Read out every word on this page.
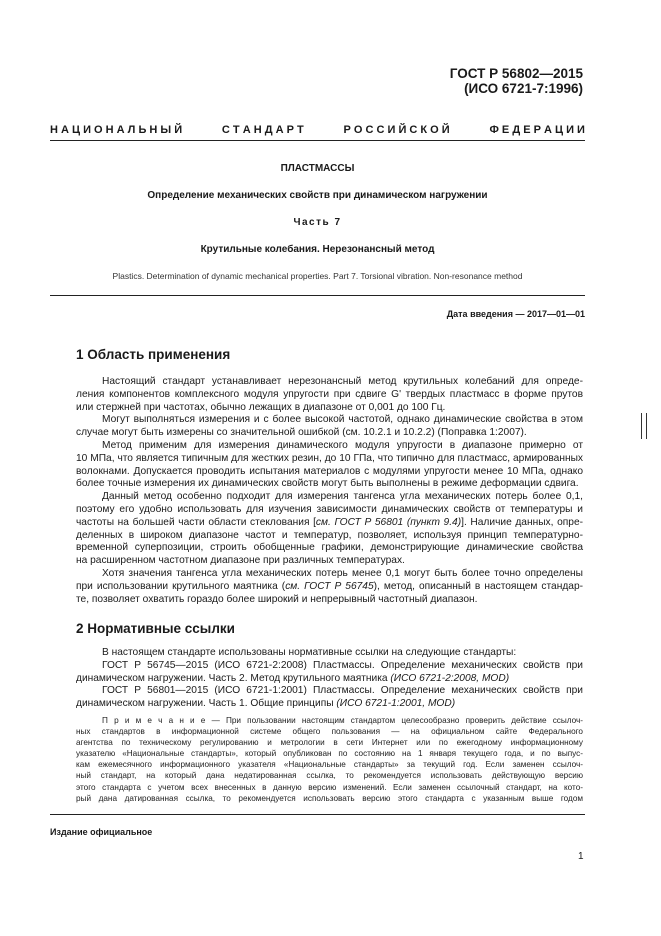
ГОСТ Р 56802—2015
(ИСО 6721-7:1996)
Н А Ц И О Н А Л Ь Н Ы Й	С Т А Н Д А Р Т	Р О С С И Й С К О Й	Ф Е Д Е Р А Ц И И
ПЛАСТМАССЫ
Определение механических свойств при динамическом нагружении
Часть 7
Крутильные колебания. Нерезонансный метод
Plastics. Determination of dynamic mechanical properties. Part 7. Torsional vibration. Non-resonance method
Дата введения — 2017—01—01
1 Область применения
Настоящий стандарт устанавливает нерезонансный метод крутильных колебаний для опреде-
ления компонентов комплексного модуля упругости при сдвиге G' твердых пластмасс в форме прутов
или стержней при частотах, обычно лежащих в диапазоне от 0,001 до 100 Гц.
Могут выполняться измерения и с более высокой частотой, однако динамические свойства в этом
случае могут быть измерены со значительной ошибкой (см. 10.2.1 и 10.2.2) (Поправка 1:2007).
Метод применим для измерения динамического модуля упругости в диапазоне примерно от
10 МПа, что является типичным для жестких резин, до 10 ГПа, что типично для пластмасс, армированных
волокнами. Допускается проводить испытания материалов с модулями упругости менее 10 МПа, однако
более точные измерения их динамических свойств могут быть выполнены в режиме деформации сдвига.
Данный метод особенно подходит для измерения тангенса угла механических потерь более 0,1,
поэтому его удобно использовать для изучения зависимости динамических свойств от температуры и
частоты на большей части области стеклования [см. ГОСТ Р 56801 (пункт 9.4)]. Наличие данных, опре-
деленных в широком диапазоне частот и температур, позволяет, используя принцип температурно-
временной суперпозиции, строить обобщенные графики, демонстрирующие динамические свойства
на расширенном частотном диапазоне при различных температурах.
Хотя значения тангенса угла механических потерь менее 0,1 могут быть более точно определены
при использовании крутильного маятника (см. ГОСТ Р 56745), метод, описанный в настоящем стандар-
те, позволяет охватить гораздо более широкий и непрерывный частотный диапазон.
2 Нормативные ссылки
В настоящем стандарте использованы нормативные ссылки на следующие стандарты:
ГОСТ Р 56745—2015 (ИСО 6721-2:2008) Пластмассы. Определение механических свойств при
динамическом нагружении. Часть 2. Метод крутильного маятника (ИСО 6721-2:2008, MOD)
ГОСТ Р 56801—2015 (ИСО 6721-1:2001) Пластмассы. Определение механических свойств при
динамическом нагружении. Часть 1. Общие принципы (ИСО 6721-1:2001, MOD)
П р и м е ч а н и е — При пользовании настоящим стандартом целесообразно проверить действие ссылоч-
ных стандартов в информационной системе общего пользования — на официальном сайте Федерального
агентства по техническому регулированию и метрологии в сети Интернет или по ежегодному информационному
указателю «Национальные стандарты», который опубликован по состоянию на 1 января текущего года, и по выпус-
кам ежемесячного информационного указателя «Национальные стандарты» за текущий год. Если заменен ссылоч-
ный стандарт, на который дана недатированная ссылка, то рекомендуется использовать действующую версию
этого стандарта с учетом всех внесенных в данную версию изменений. Если заменен ссылочный стандарт, на кото-
рый дана датированная ссылка, то рекомендуется использовать версию этого стандарта с указанным выше годом
Издание официальное
1
